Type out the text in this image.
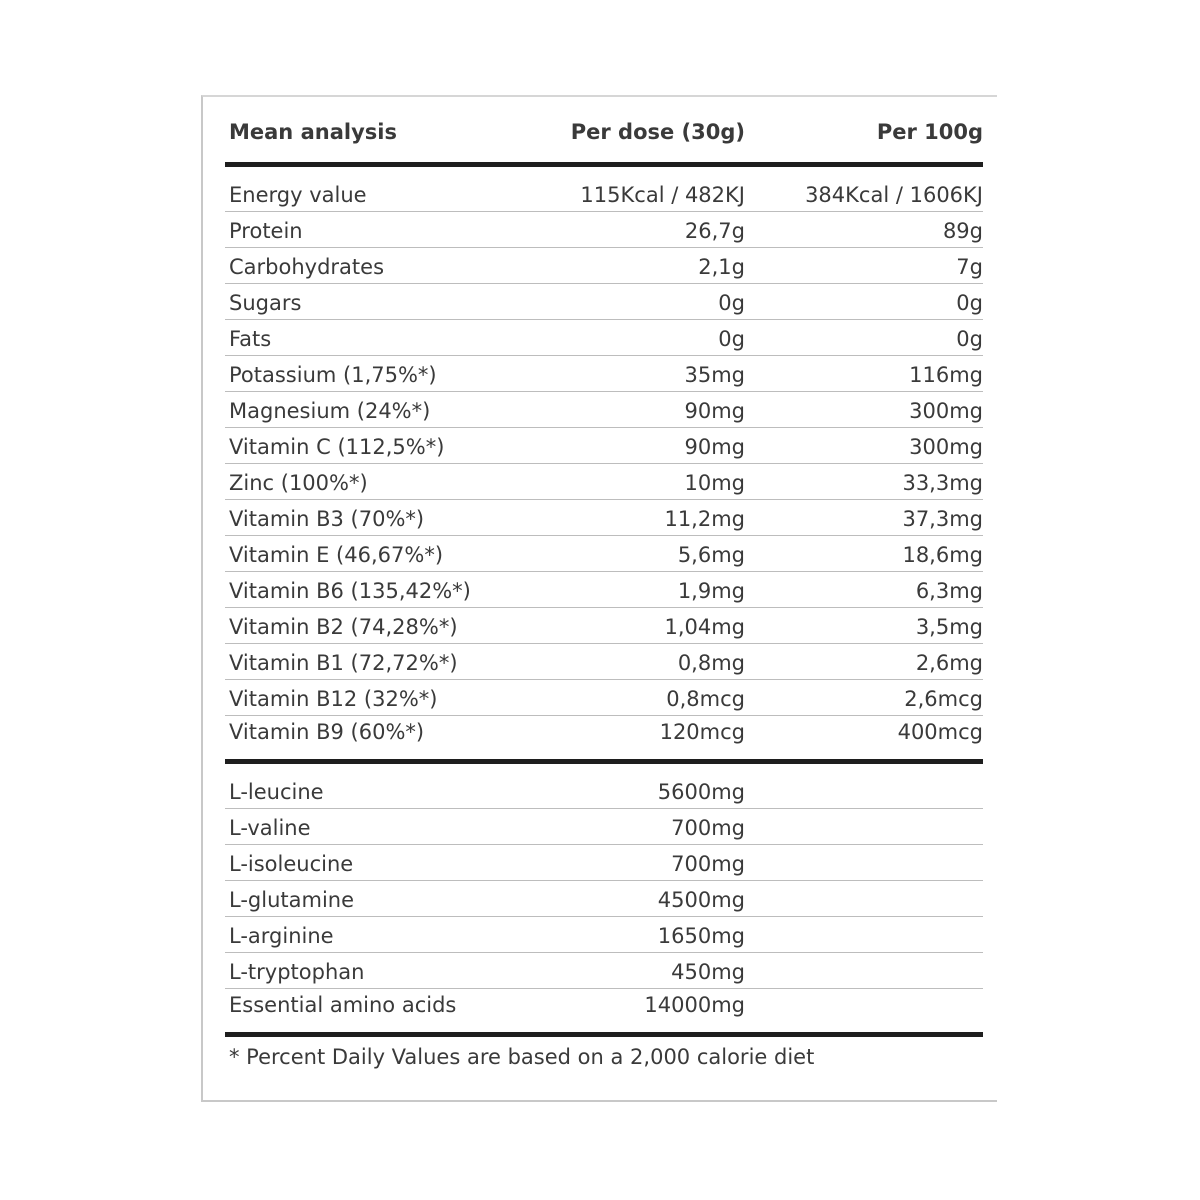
Mean analysis	Per dose (30g)	Per 100g
Energy value	115Kcal / 482KJ	384Kcal / 1606KJ
Protein	26,7g	89g
Carbohydrates	2,1g	7g
Sugars	0g	0g
Fats	0g	0g
Potassium (1,75%*)	35mg	116mg
Magnesium (24%*)	90mg	300mg
Vitamin C (112,5%*)	90mg	300mg
Zinc (100%*)	10mg	33,3mg
Vitamin B3 (70%*)	11,2mg	37,3mg
Vitamin E (46,67%*)	5,6mg	18,6mg
Vitamin B6 (135,42%*)	1,9mg	6,3mg
Vitamin B2 (74,28%*)	1,04mg	3,5mg
Vitamin B1 (72,72%*)	0,8mg	2,6mg
Vitamin B12 (32%*)	0,8mcg	2,6mcg
Vitamin B9 (60%*)	120mcg	400mcg
L-leucine	5600mg
L-valine	700mg
L-isoleucine	700mg
L-glutamine	4500mg
L-arginine	1650mg
L-tryptophan	450mg
Essential amino acids	14000mg
* Percent Daily Values are based on a 2,000 calorie diet
